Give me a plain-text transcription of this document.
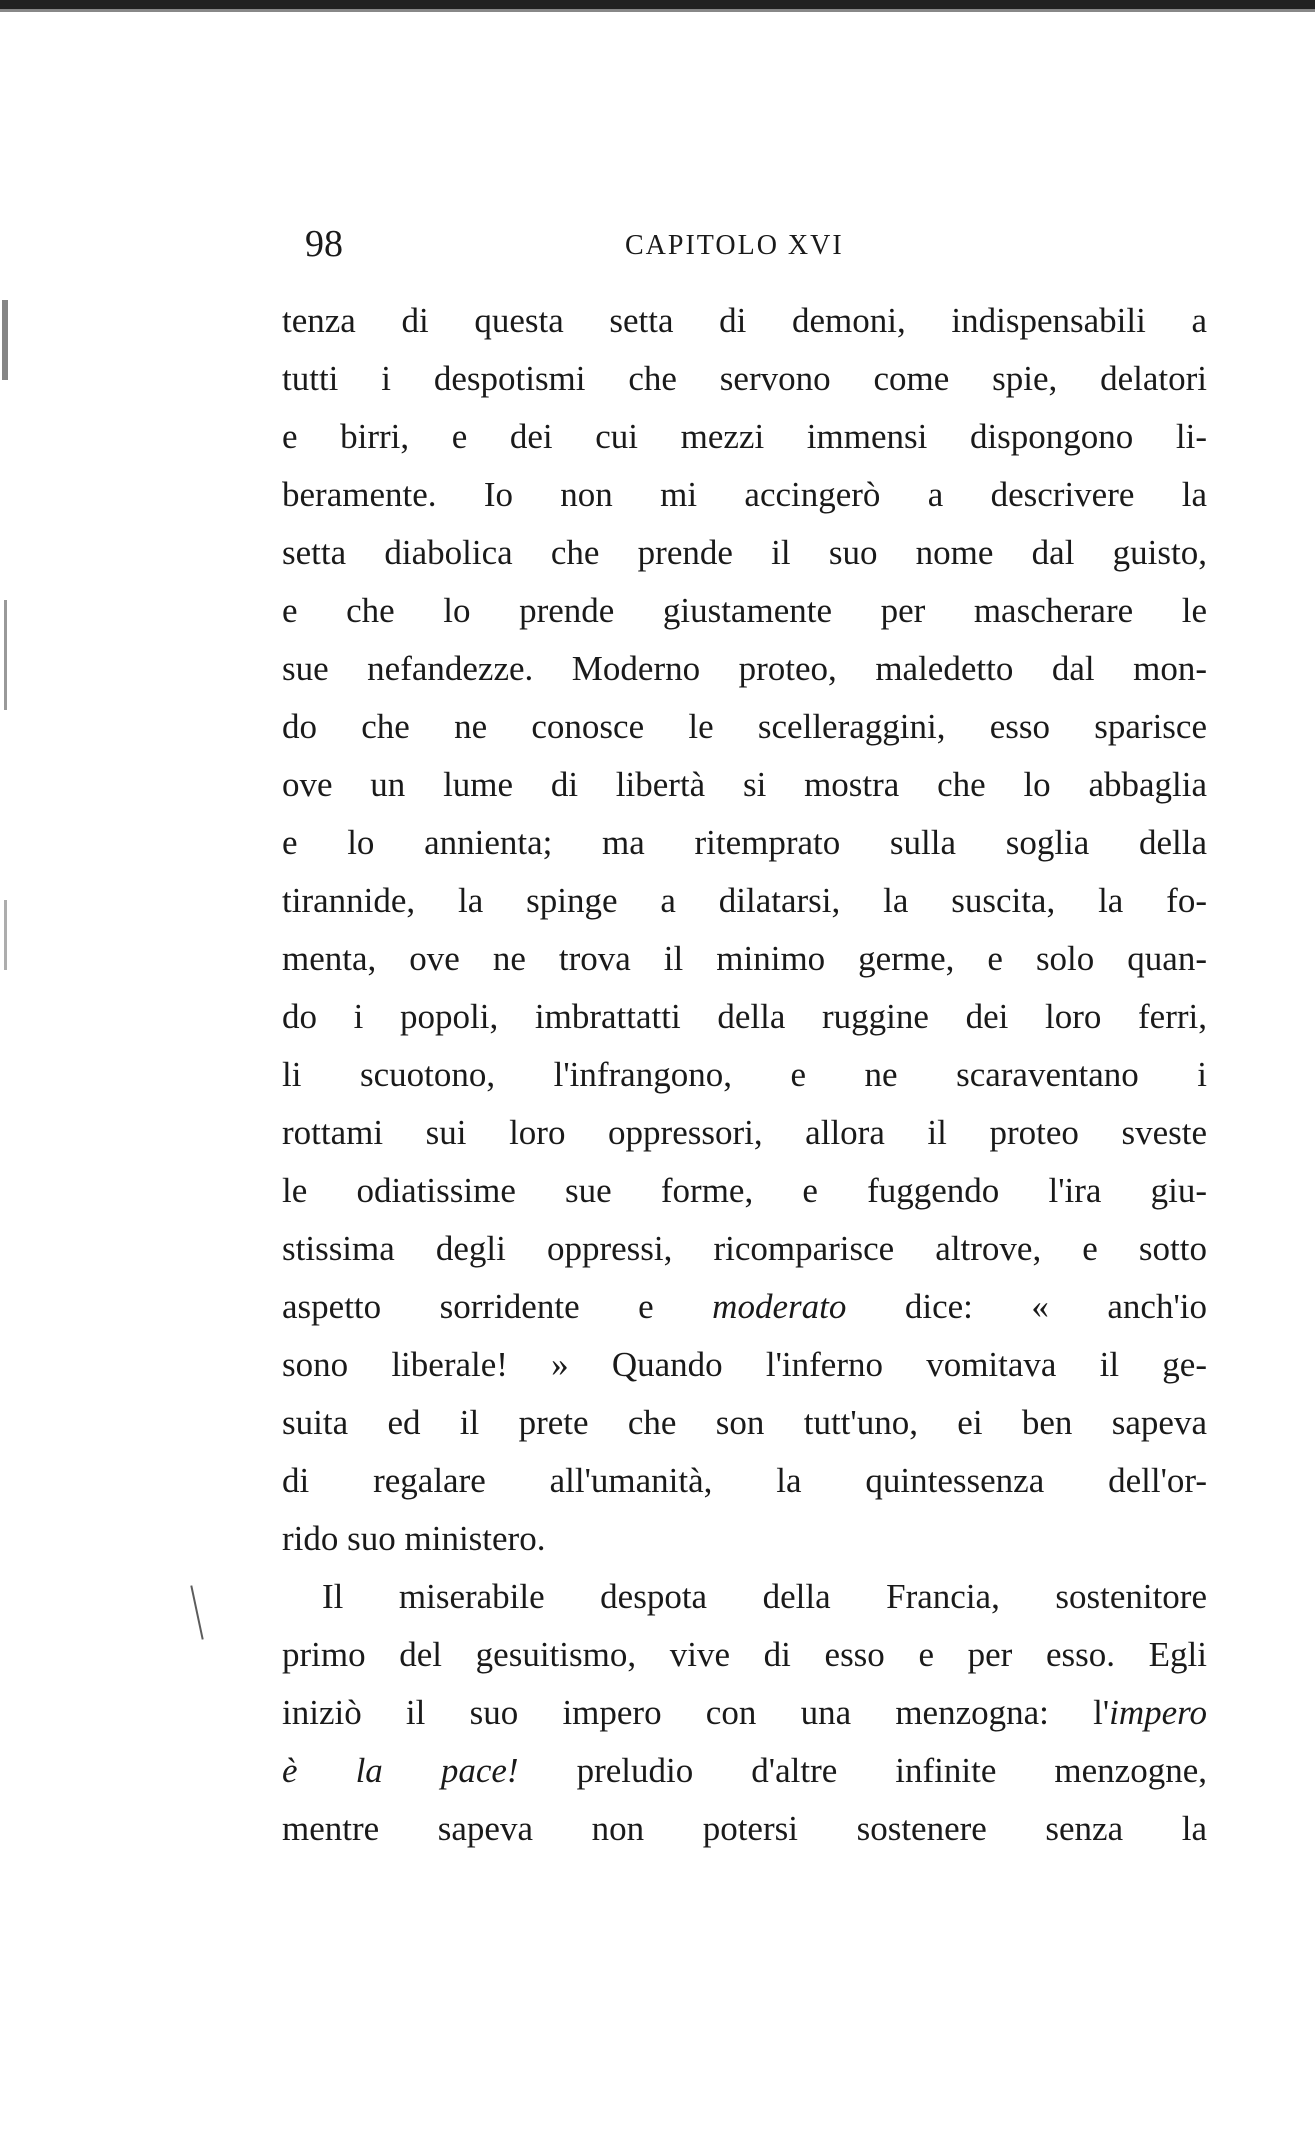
98	CAPITOLO XVI
tenza di questa setta di demoni, indispensabili a
tutti i despotismi che servono come spie, delatori
e birri, e dei cui mezzi immensi dispongono li-
beramente. Io non mi accingerò a descrivere la
setta diabolica che prende il suo nome dal guisto,
e che lo prende giustamente per mascherare le
sue nefandezze. Moderno proteo, maledetto dal mon-
do che ne conosce le scelleraggini, esso sparisce
ove un lume di libertà si mostra che lo abbaglia
e lo annienta; ma ritemprato sulla soglia della
tirannide, la spinge a dilatarsi, la suscita, la fo-
menta, ove ne trova il minimo germe, e solo quan-
do i popoli, imbrattatti della ruggine dei loro ferri,
li scuotono, l'infrangono, e ne scaraventano i
rottami sui loro oppressori, allora il proteo sveste
le odiatissime sue forme, e fuggendo l'ira giu-
stissima degli oppressi, ricomparisce altrove, e sotto
aspetto sorridente e moderato dice: « anch'io
sono liberale! » Quando l'inferno vomitava il ge-
suita ed il prete che son tutt'uno, ei ben sapeva
di regalare all'umanità, la quintessenza dell'or-
rido suo ministero.
Il miserabile despota della Francia, sostenitore
primo del gesuitismo, vive di esso e per esso. Egli
iniziò il suo impero con una menzogna: l'impero
è la pace! preludio d'altre infinite menzogne,
mentre sapeva non potersi sostenere senza la
